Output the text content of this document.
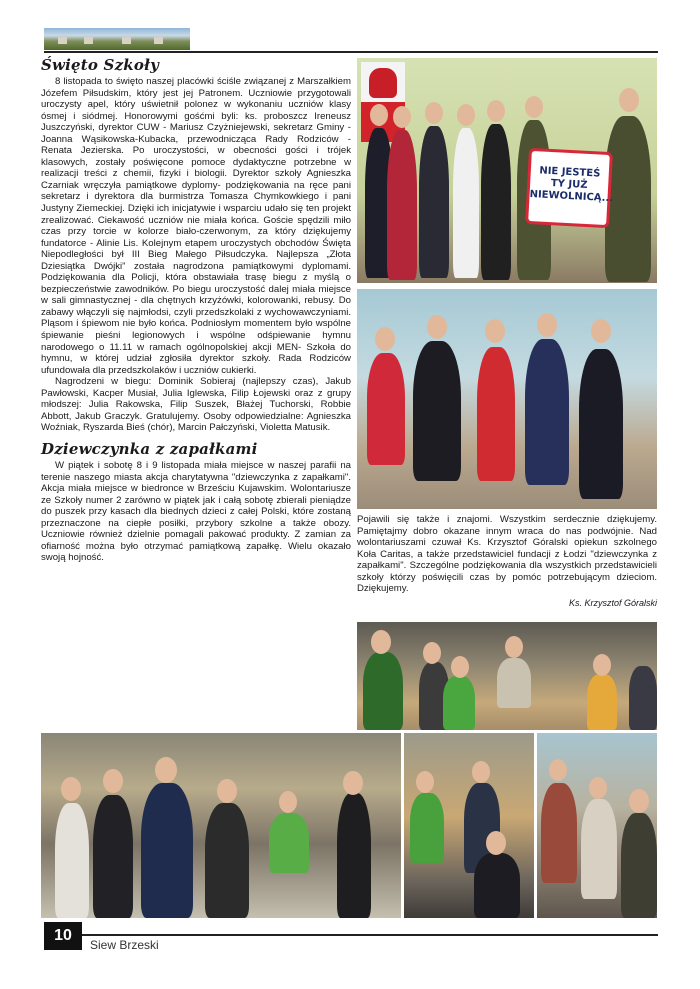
Święto Szkoły

8 listopada to święto naszej placówki ściśle związanej z Marszałkiem Józefem Piłsudskim, który jest jej Patronem. Uczniowie przygotowali uroczysty apel, który uświetnił polonez w wykonaniu uczniów klasy ósmej i siódmej. Honorowymi gośćmi byli: ks. proboszcz Ireneusz Juszczyński, dyrektor CUW - Mariusz Czyżniejewski, sekretarz Gminy - Joanna Wąsikowska-Kubacka, przewodnicząca Rady Rodziców - Renata Jezierska. Po uroczystości, w obecności gości i trójek klasowych, zostały poświęcone pomoce dydaktyczne potrzebne w realizacji treści z chemii, fizyki i biologii. Dyrektor szkoły Agnieszka Czarniak wręczyła pamiątkowe dyplomy- podziękowania na ręce pani sekretarz i dyrektora dla burmistrza Tomasza Chymkowkiego i pani Justyny Ziemeckiej. Dzięki ich inicjatywie i wsparciu udało się ten projekt zrealizować. Ciekawość uczniów nie miała końca. Goście spędzili miło czas przy torcie w kolorze biało-czerwonym, za który dziękujemy fundatorce - Alinie Lis. Kolejnym etapem uroczystych obchodów Święta Niepodległości był III Bieg Małego Piłsudczyka. Najlepsza „Złota Dziesiątka Dwójki” została nagrodzona pamiątkowymi dyplomami. Podziękowania dla Policji, która obstawiała trasę biegu z myślą o bezpieczeństwie zawodników. Po biegu uroczystość dalej miała miejsce w sali gimnastycznej - dla chętnych krzyżówki, kolorowanki, rebusy. Do zabawy włączyli się najmłodsi, czyli przedszkolaki z wychowawczyniami. Pląsom i śpiewom nie było końca. Podniosłym momentem było wspólne śpiewanie pieśni legionowych i wspólne odśpiewanie hymnu narodowego o 11.11 w ramach ogólnopolskiej akcji MEN- Szkoła do hymnu, w której udział zgłosiła dyrektor szkoły. Rada Rodziców ufundowała dla przedszkolaków i uczniów cukierki.

Nagrodzeni w biegu: Dominik Sobieraj (najlepszy czas), Jakub Pawłowski, Kacper Musiał, Julia Iglewska, Filip Łojewski oraz z grupy młodszej: Julia Rakowska, Filip Suszek, Błażej Tuchorski, Robbie Abbott, Jakub Graczyk. Gratulujemy. Osoby odpowiedzialne: Agnieszka Woźniak, Ryszarda Bieś (chór), Marcin Pałczyński, Violetta Matusik.

Dziewczynka z zapałkami

W piątek i sobotę 8 i 9 listopada miała miejsce w naszej parafii na terenie naszego miasta akcja charytatywna "dziewczynka z zapałkami". Akcja miała miejsce w biedronce w Brześciu Kujawskim. Wolontariusze ze Szkoły numer 2 zarówno w piątek jak i całą sobotę zbierali pieniądze do puszek przy kasach dla biednych dzieci z całej Polski, które zostaną przeznaczone na ciepłe posiłki, przybory szkolne a także obozy. Uczniowie również dzielnie pomagali pakować produkty. Z zamian za ofiarność można było otrzymać pamiątkową zapałkę. Wielu okazało swoją hojność.

NIE JESTEŚ TY JUŻ NIEWOLNICĄ...

Pojawili się także i znajomi. Wszystkim serdecznie dziękujemy. Pamiętajmy dobro okazane innym wraca do nas podwójnie. Nad wolontariuszami czuwał Ks. Krzysztof Góralski opiekun szkolnego Koła Caritas, a także przedstawiciel fundacji z Łodzi "dziewczynka z zapałkami". Szczególne podziękowania dla wszystkich przedstawicieli szkoły którzy poświęcili czas by pomóc potrzebującym dzieciom. Dziękujemy.

Ks. Krzysztof Góralski
10
Siew Brzeski
